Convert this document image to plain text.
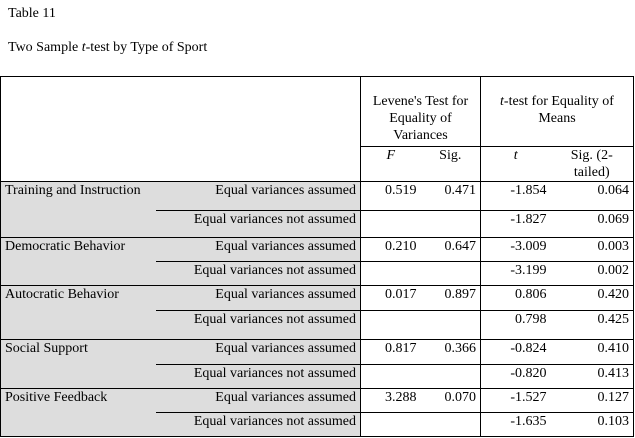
Table 11
Two Sample t-test by Type of Sport
		Levene's Test for Equality of Variances		t-test for Equality of Means	
		F	Sig.	t	Sig. (2-tailed)
Training and Instruction	Equal variances assumed	0.519	0.471	-1.854	0.064
	Equal variances not assumed			-1.827	0.069
Democratic Behavior	Equal variances assumed	0.210	0.647	-3.009	0.003
	Equal variances not assumed			-3.199	0.002
Autocratic Behavior	Equal variances assumed	0.017	0.897	0.806	0.420
	Equal variances not assumed			0.798	0.425
Social Support	Equal variances assumed	0.817	0.366	-0.824	0.410
	Equal variances not assumed			-0.820	0.413
Positive Feedback	Equal variances assumed	3.288	0.070	-1.527	0.127
	Equal variances not assumed			-1.635	0.103
